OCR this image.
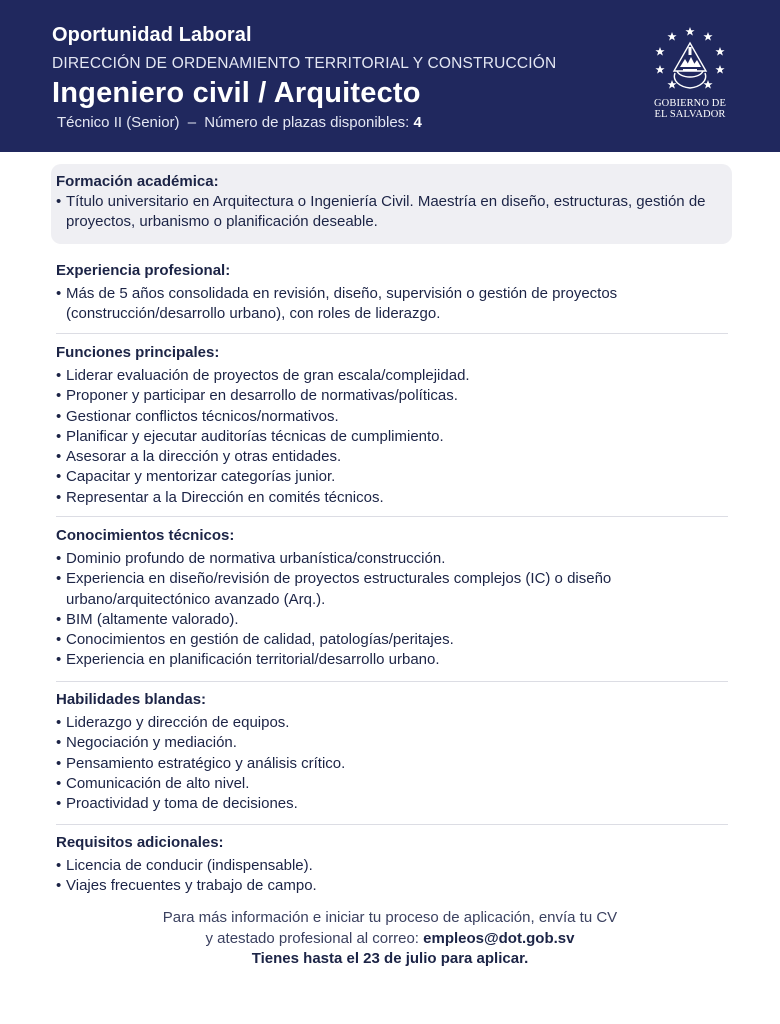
Oportunidad Laboral
DIRECCIÓN DE ORDENAMIENTO TERRITORIAL Y CONSTRUCCIÓN
Ingeniero civil / Arquitecto
Técnico II (Senior) – Número de plazas disponibles: 4
GOBIERNO DE
EL SALVADOR
Formación académica:
• Título universitario en Arquitectura o Ingeniería Civil. Maestría en diseño, estructuras, gestión de proyectos, urbanismo o planificación deseable.
Experiencia profesional:
• Más de 5 años consolidada en revisión, diseño, supervisión o gestión de proyectos (construcción/desarrollo urbano), con roles de liderazgo.
Funciones principales:
• Liderar evaluación de proyectos de gran escala/complejidad.
• Proponer y participar en desarrollo de normativas/políticas.
• Gestionar conflictos técnicos/normativos.
• Planificar y ejecutar auditorías técnicas de cumplimiento.
• Asesorar a la dirección y otras entidades.
• Capacitar y mentorizar categorías junior.
• Representar a la Dirección en comités técnicos.
Conocimientos técnicos:
• Dominio profundo de normativa urbanística/construcción.
• Experiencia en diseño/revisión de proyectos estructurales complejos (IC) o diseño urbano/arquitectónico avanzado (Arq.).
• BIM (altamente valorado).
• Conocimientos en gestión de calidad, patologías/peritajes.
• Experiencia en planificación territorial/desarrollo urbano.
Habilidades blandas:
• Liderazgo y dirección de equipos.
• Negociación y mediación.
• Pensamiento estratégico y análisis crítico.
• Comunicación de alto nivel.
• Proactividad y toma de decisiones.
Requisitos adicionales:
• Licencia de conducir (indispensable).
• Viajes frecuentes y trabajo de campo.
Para más información e iniciar tu proceso de aplicación, envía tu CV
y atestado profesional al correo: empleos@dot.gob.sv
Tienes hasta el 23 de julio para aplicar.
